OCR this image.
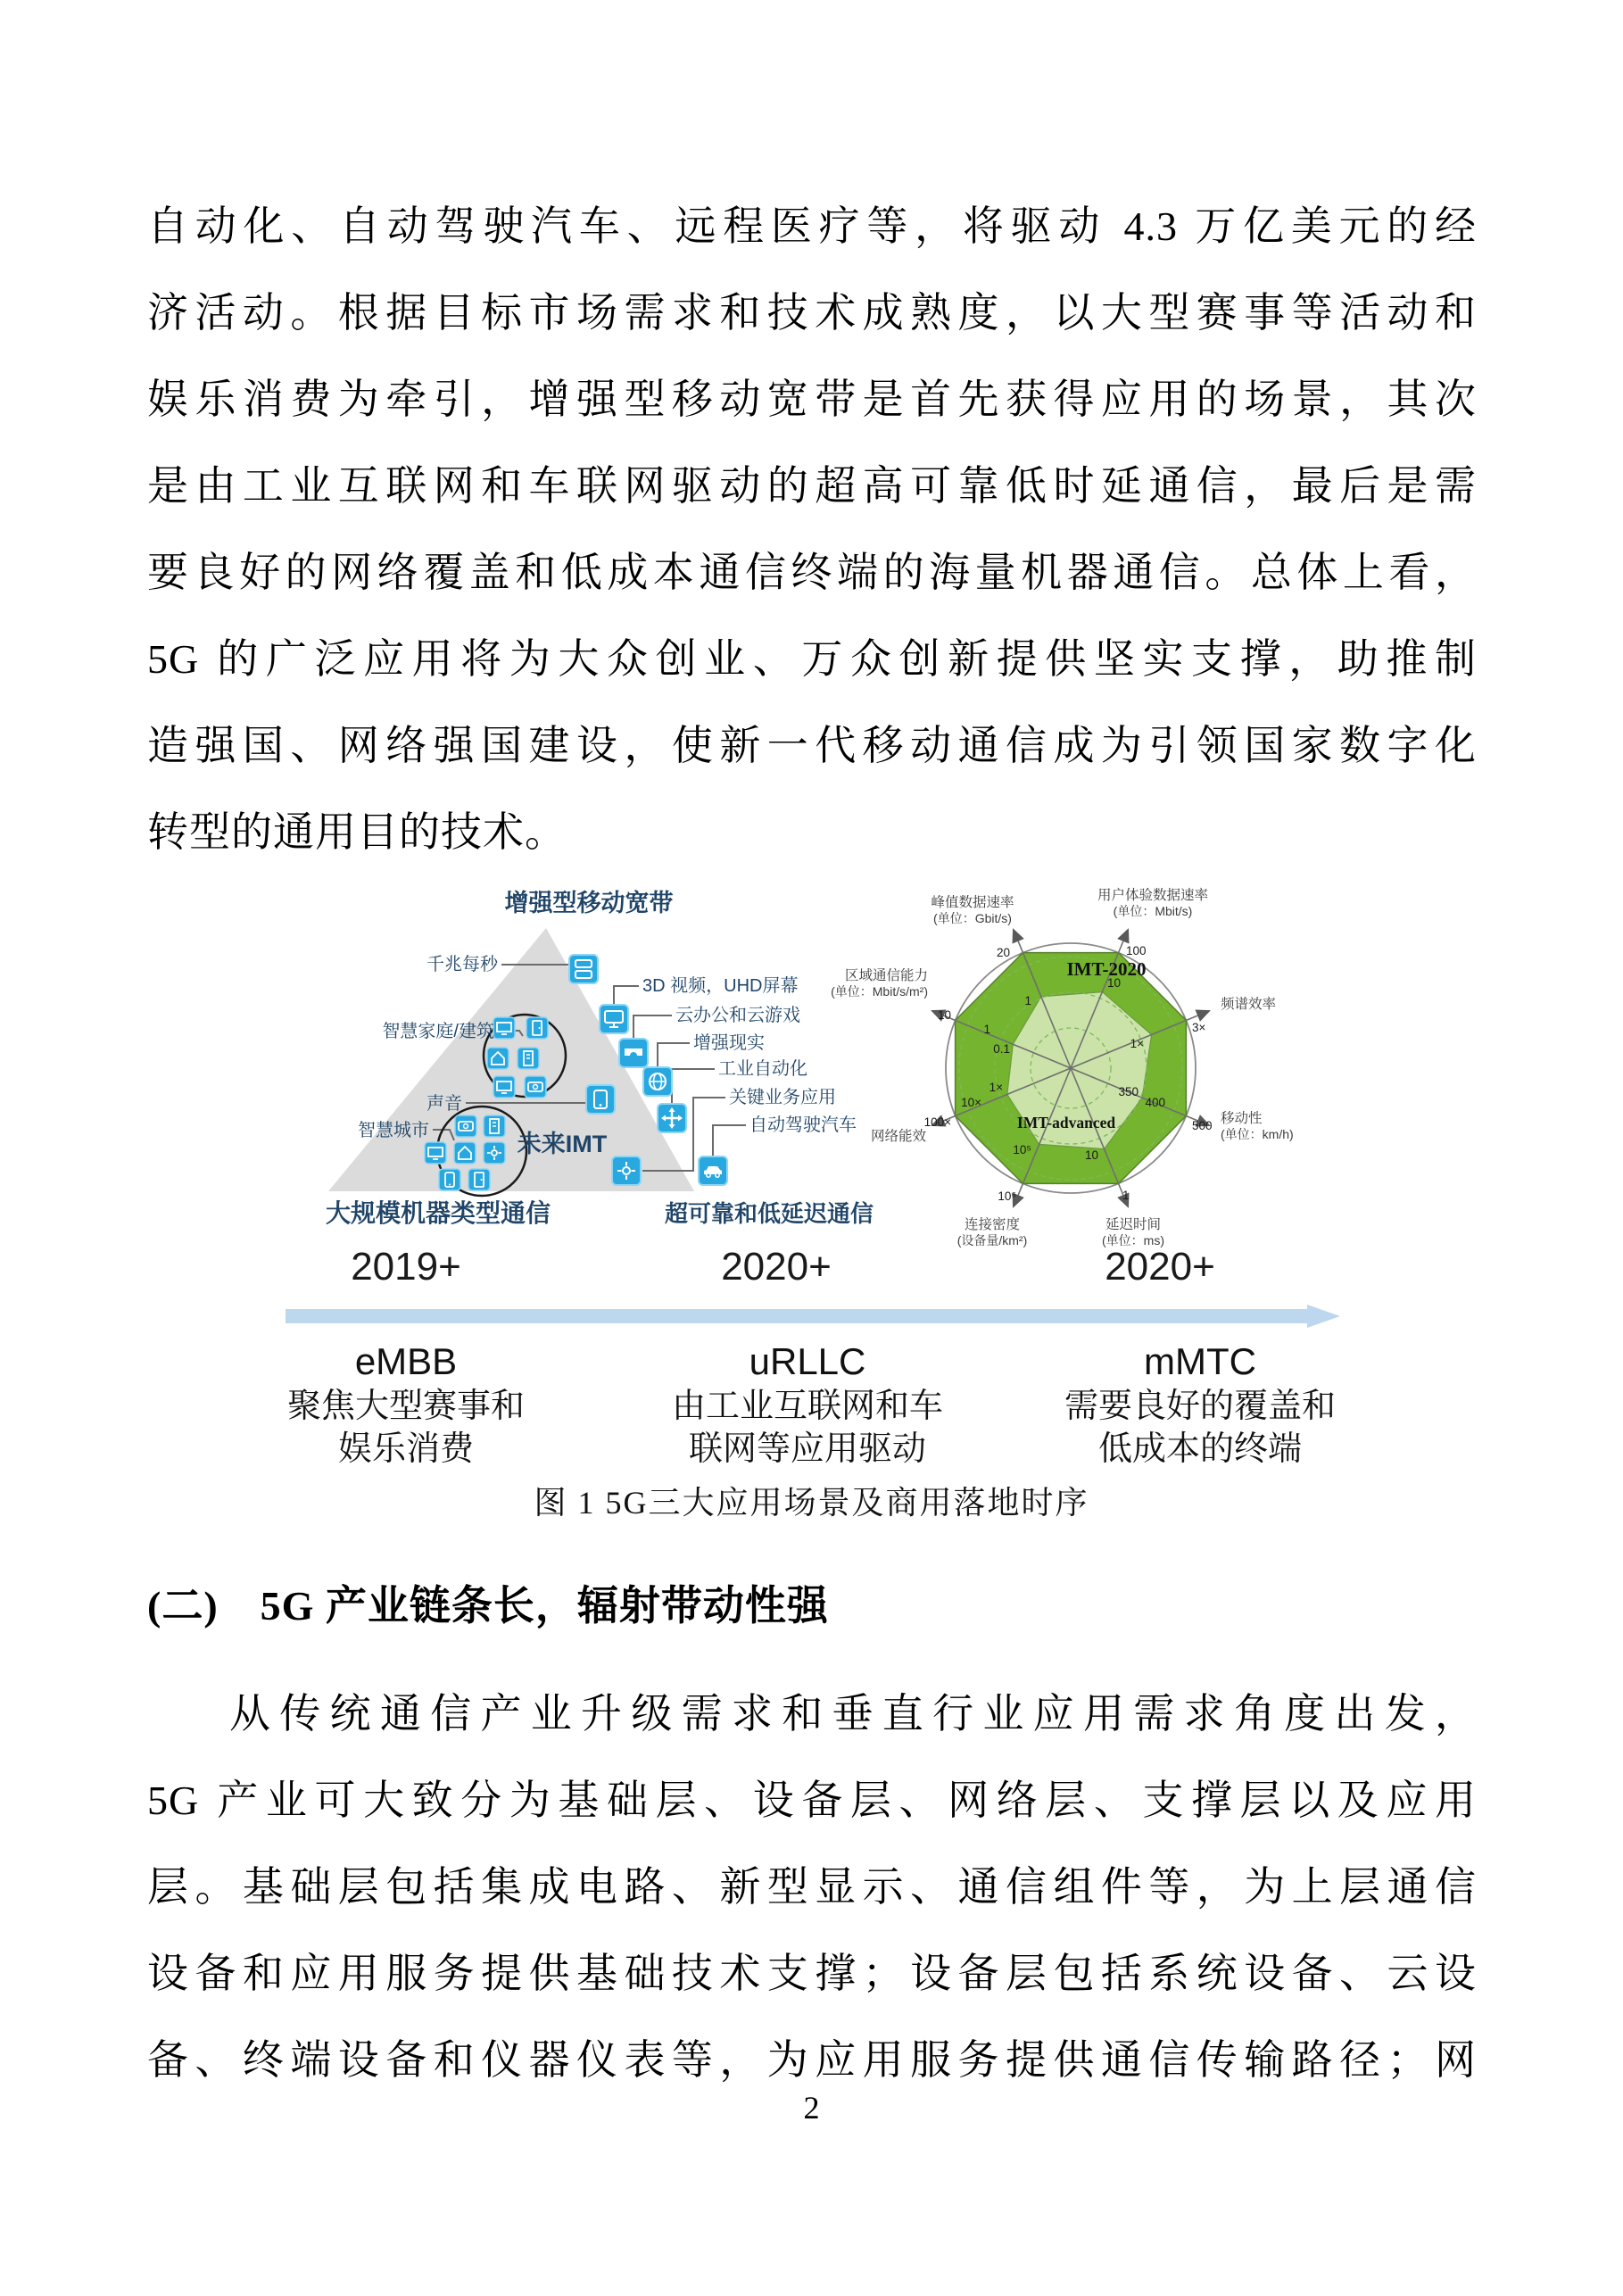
自动化、自动驾驶汽车、远程医疗等，将驱动 4.3 万亿美元的经
济活动。根据目标市场需求和技术成熟度，以大型赛事等活动和
娱乐消费为牵引，增强型移动宽带是首先获得应用的场景，其次
是由工业互联网和车联网驱动的超高可靠低时延通信，最后是需
要良好的网络覆盖和低成本通信终端的海量机器通信。总体上看，
5G 的广泛应用将为大众创业、万众创新提供坚实支撑，助推制
造强国、网络强国建设，使新一代移动通信成为引领国家数字化
转型的通用目的技术。
增强型移动宽带
千兆每秒
智慧家庭/建筑
声音
智慧城市
3D 视频，UHD屏幕
云办公和云游戏
增强现实
工业自动化
关键业务应用
自动驾驶汽车
未来IMT
大规模机器类型通信	超可靠和低延迟通信
IMT-2020
IMT-advanced
20
1
100
10
3×
1×
500
400
350
1
10
10⁶
10⁵
100×
10×
1×
10
1
0.1
峰值数据速率
(单位：Gbit/s)
用户体验数据速率
(单位：Mbit/s)
频谱效率
移动性
(单位：km/h)
延迟时间
(单位：ms)
连接密度
(设备量/km²)
网络能效
区域通信能力
(单位：Mbit/s/m²)
2019+	2020+	2020+
eMBB
聚焦大型赛事和
娱乐消费
uRLLC
由工业互联网和车
联网等应用驱动
mMTC
需要良好的覆盖和
低成本的终端
图 1 5G三大应用场景及商用落地时序
(二)　5G 产业链条长，辐射带动性强
从传统通信产业升级需求和垂直行业应用需求角度出发，
5G 产业可大致分为基础层、设备层、网络层、支撑层以及应用
层。基础层包括集成电路、新型显示、通信组件等，为上层通信
设备和应用服务提供基础技术支撑；设备层包括系统设备、云设
备、终端设备和仪器仪表等，为应用服务提供通信传输路径；网
2
